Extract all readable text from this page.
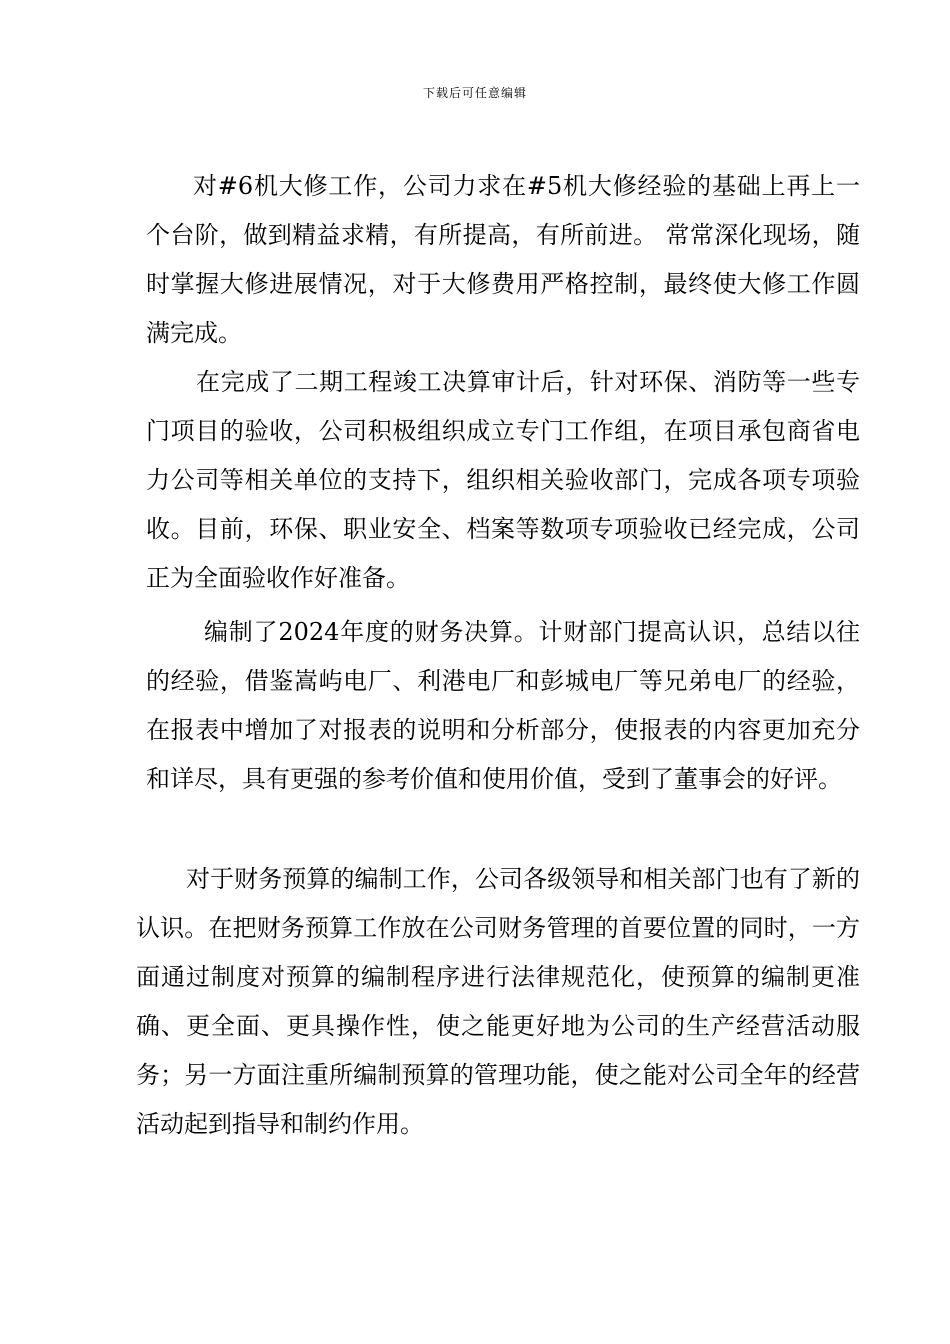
下载后可任意编辑

对#6机大修工作，公司力求在#5机大修经验的基础上再上一个台阶，做到精益求精，有所提高，有所前进。 常常深化现场，随时掌握大修进展情况，对于大修费用严格控制，最终使大修工作圆满完成。

在完成了二期工程竣工决算审计后，针对环保、消防等一些专门项目的验收，公司积极组织成立专门工作组，在项目承包商省电力公司等相关单位的支持下，组织相关验收部门，完成各项专项验收。目前，环保、职业安全、档案等数项专项验收已经完成，公司正为全面验收作好准备。

编制了2024年度的财务决算。计财部门提高认识，总结以往的经验，借鉴嵩屿电厂、利港电厂和彭城电厂等兄弟电厂的经验，在报表中增加了对报表的说明和分析部分，使报表的内容更加充分和详尽，具有更强的参考价值和使用价值，受到了董事会的好评。

对于财务预算的编制工作，公司各级领导和相关部门也有了新的认识。在把财务预算工作放在公司财务管理的首要位置的同时，一方面通过制度对预算的编制程序进行法律规范化，使预算的编制更准确、更全面、更具操作性，使之能更好地为公司的生产经营活动服务；另一方面注重所编制预算的管理功能，使之能对公司全年的经营活动起到指导和制约作用。
